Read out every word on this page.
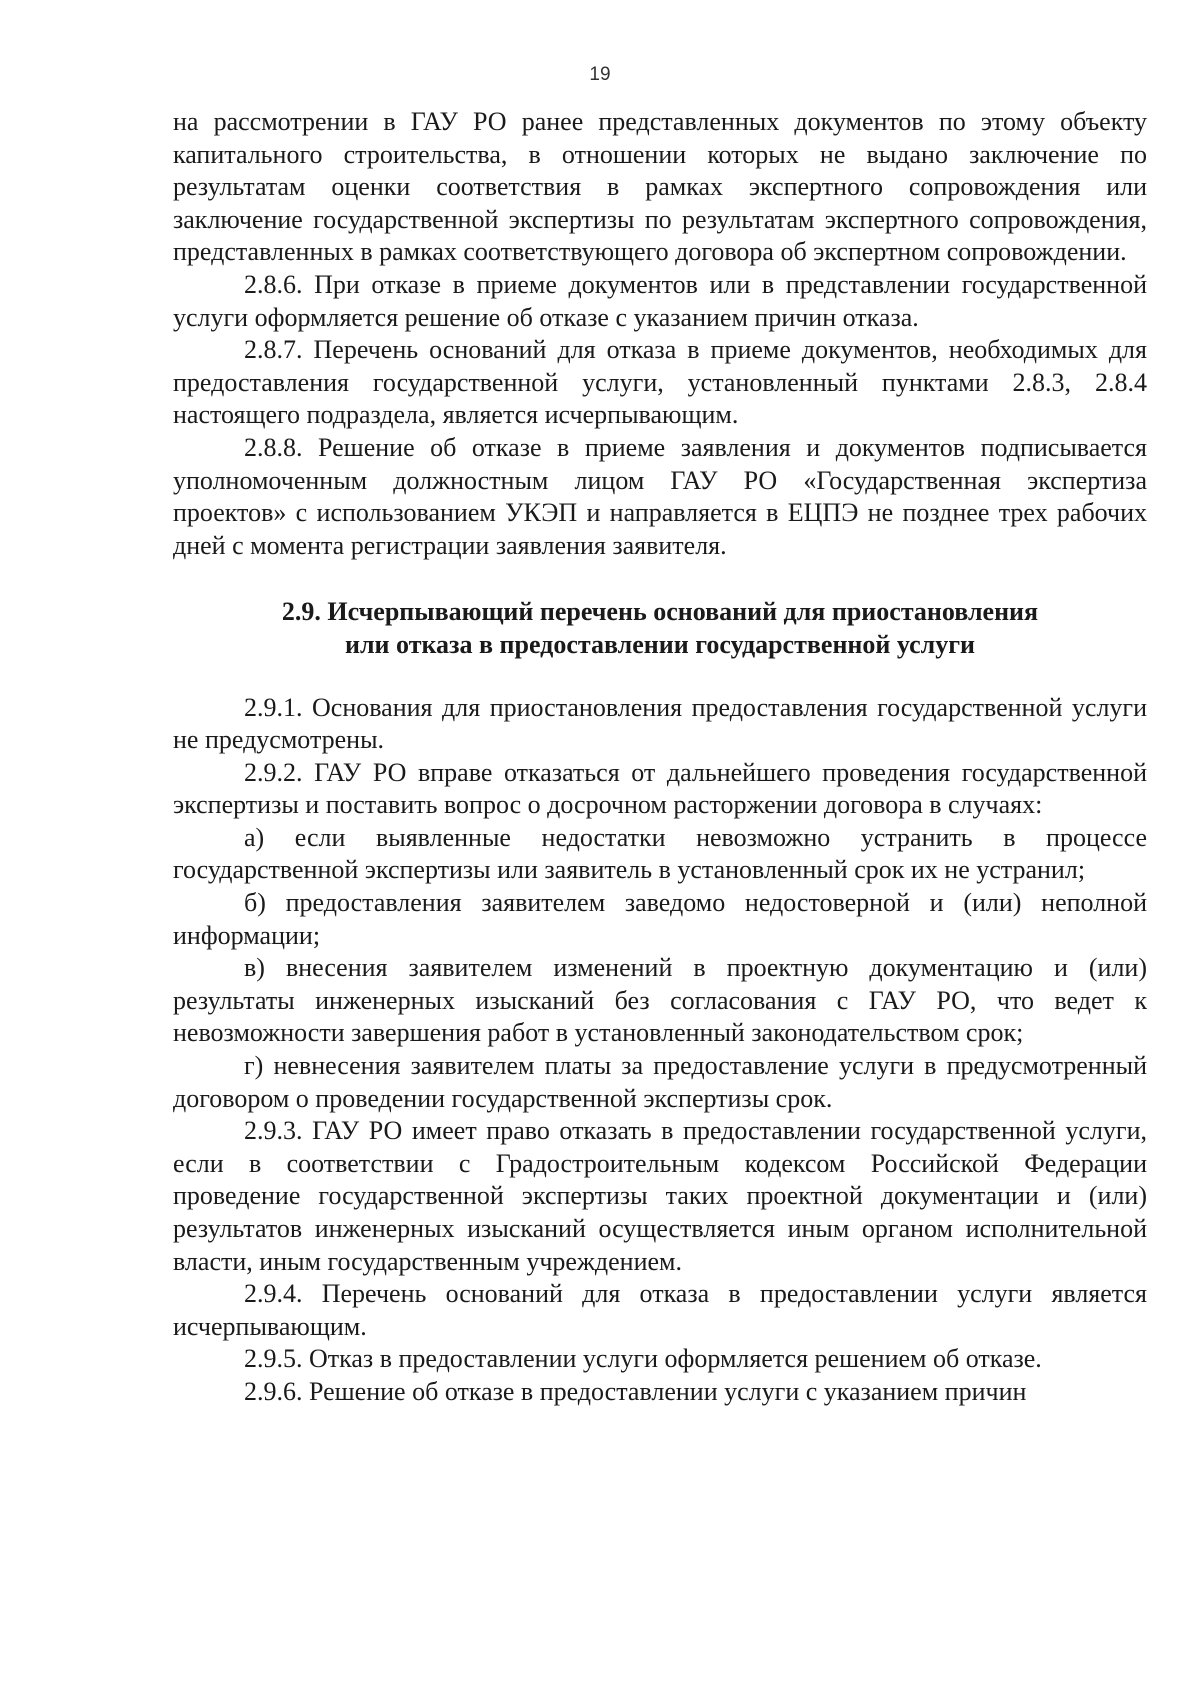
19

на рассмотрении в ГАУ РО ранее представленных документов по этому объекту капитального строительства, в отношении которых не выдано заключение по результатам оценки соответствия в рамках экспертного сопровождения или заключение государственной экспертизы по результатам экспертного сопровождения, представленных в рамках соответствующего договора об экспертном сопровождении.

2.8.6. При отказе в приеме документов или в представлении государственной услуги оформляется решение об отказе с указанием причин отказа.

2.8.7. Перечень оснований для отказа в приеме документов, необходимых для предоставления государственной услуги, установленный пунктами 2.8.3, 2.8.4 настоящего подраздела, является исчерпывающим.

2.8.8. Решение об отказе в приеме заявления и документов подписывается уполномоченным должностным лицом ГАУ РО «Государственная экспертиза проектов» с использованием УКЭП и направляется в ЕЦПЭ не позднее трех рабочих дней с момента регистрации заявления заявителя.

2.9. Исчерпывающий перечень оснований для приостановления
или отказа в предоставлении государственной услуги

2.9.1. Основания для приостановления предоставления государственной услуги не предусмотрены.

2.9.2. ГАУ РО вправе отказаться от дальнейшего проведения государственной экспертизы и поставить вопрос о досрочном расторжении договора в случаях:

а) если выявленные недостатки невозможно устранить в процессе государственной экспертизы или заявитель в установленный срок их не устранил;

б) предоставления заявителем заведомо недостоверной и (или) неполной информации;

в) внесения заявителем изменений в проектную документацию и (или) результаты инженерных изысканий без согласования с ГАУ РО, что ведет к невозможности завершения работ в установленный законодательством срок;

г) невнесения заявителем платы за предоставление услуги в предусмотренный договором о проведении государственной экспертизы срок.

2.9.3. ГАУ РО имеет право отказать в предоставлении государственной услуги, если в соответствии с Градостроительным кодексом Российской Федерации проведение государственной экспертизы таких проектной документации и (или) результатов инженерных изысканий осуществляется иным органом исполнительной власти, иным государственным учреждением.

2.9.4. Перечень оснований для отказа в предоставлении услуги является исчерпывающим.

2.9.5. Отказ в предоставлении услуги оформляется решением об отказе.

2.9.6. Решение об отказе в предоставлении услуги с указанием причин
